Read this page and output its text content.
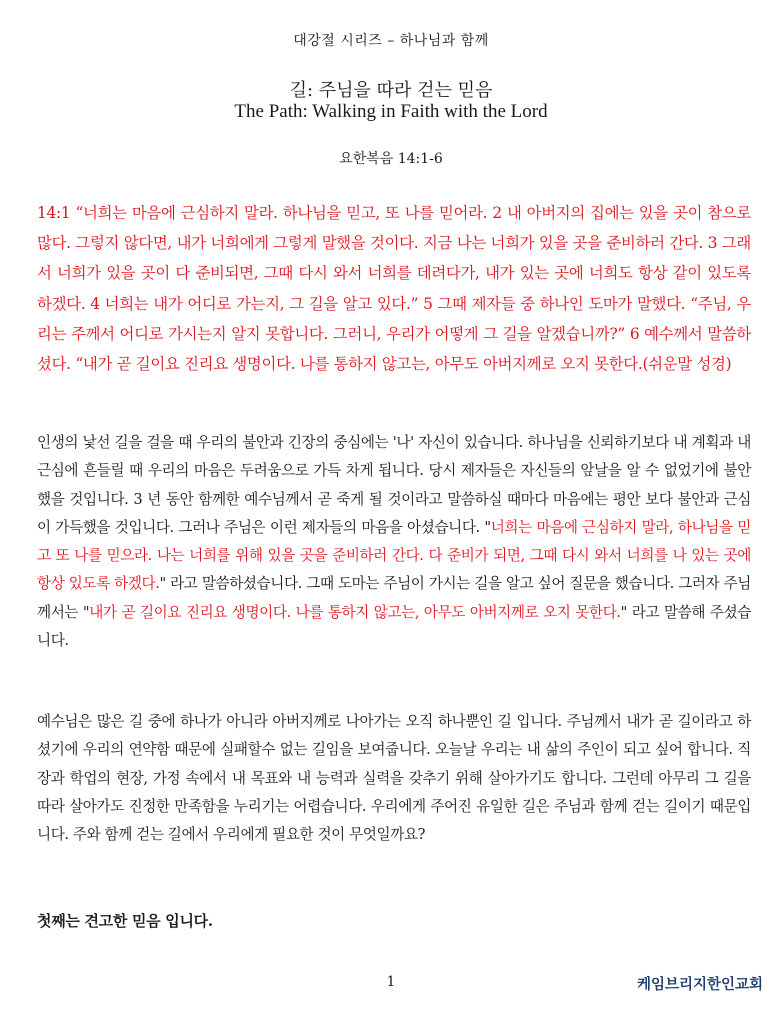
대강절 시리즈 – 하나님과 함께
길: 주님을 따라 걷는 믿음
The Path: Walking in Faith with the Lord
요한복음 14:1-6

14:1 “너희는 마음에 근심하지 말라. 하나님을 믿고, 또 나를 믿어라. 2 내 아버지의 집에는 있을 곳이 참으로 많다. 그렇지 않다면, 내가 너희에게 그렇게 말했을 것이다. 지금 나는 너희가 있을 곳을 준비하러 간다. 3 그래서 너희가 있을 곳이 다 준비되면, 그때 다시 와서 너희를 데려다가, 내가 있는 곳에 너희도 항상 같이 있도록 하겠다. 4 너희는 내가 어디로 가는지, 그 길을 알고 있다.” 5 그때 제자들 중 하나인 도마가 말했다. “주님, 우리는 주께서 어디로 가시는지 알지 못합니다. 그러니, 우리가 어떻게 그 길을 알겠습니까?” 6 예수께서 말씀하셨다. “내가 곧 길이요 진리요 생명이다. 나를 통하지 않고는, 아무도 아버지께로 오지 못한다.(쉬운말 성경)

인생의 낯선 길을 걸을 때 우리의 불안과 긴장의 중심에는 '나' 자신이 있습니다. 하나님을 신뢰하기보다 내 계획과 내 근심에 흔들릴 때 우리의 마음은 두려움으로 가득 차게 됩니다. 당시 제자들은 자신들의 앞날을 알 수 없었기에 불안했을 것입니다. 3 년 동안 함께한 예수님께서 곧 죽게 될 것이라고 말씀하실 때마다 마음에는 평안 보다 불안과 근심이 가득했을 것입니다. 그러나 주님은 이런 제자들의 마음을 아셨습니다. "너희는 마음에 근심하지 말라, 하나님을 믿고 또 나를 믿으라. 나는 너희를 위해 있을 곳을 준비하러 간다. 다 준비가 되면, 그때 다시 와서 너희를 나 있는 곳에 항상 있도록 하겠다." 라고 말씀하셨습니다. 그때 도마는 주님이 가시는 길을 알고 싶어 질문을 했습니다. 그러자 주님께서는 "내가 곧 길이요 진리요 생명이다. 나를 통하지 않고는, 아무도 아버지께로 오지 못한다." 라고 말씀해 주셨습니다.

예수님은 많은 길 중에 하나가 아니라 아버지께로 나아가는 오직 하나뿐인 길 입니다. 주님께서 내가 곧 길이라고 하셨기에 우리의 연약함 때문에 실패할수 없는 길임을 보여줍니다. 오늘날 우리는 내 삶의 주인이 되고 싶어 합니다. 직장과 학업의 현장, 가정 속에서 내 목표와 내 능력과 실력을 갖추기 위해 살아가기도 합니다. 그런데 아무리 그 길을 따라 살아가도 진정한 만족함을 누리기는 어렵습니다. 우리에게 주어진 유일한 길은 주님과 함께 걷는 길이기 때문입니다. 주와 함께 걷는 길에서 우리에게 필요한 것이 무엇일까요?

첫째는 견고한 믿음 입니다.
1	케임브리지한인교회
